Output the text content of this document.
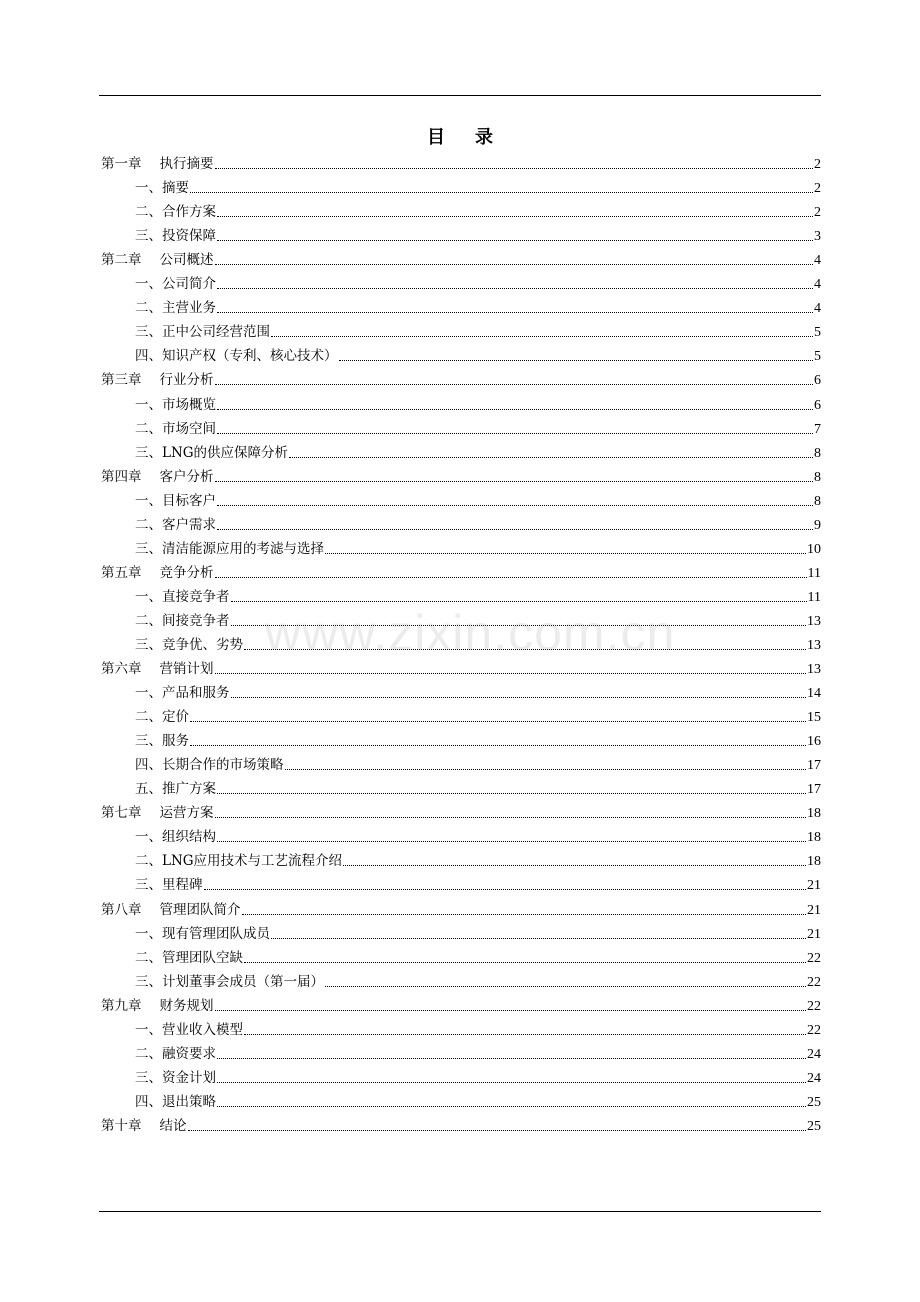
目 录
第一章 执行摘要	2
一、 摘要	2
二、 合作方案	2
三、 投资保障	3
第二章 公司概述	4
一、 公司简介	4
二、 主营业务	4
三、 正中公司经营范围	5
四、 知识产权（专利、核心技术）	5
第三章 行业分析	6
一、 市场概览	6
二、 市场空间	7
三、 LNG的供应保障分析	8
第四章 客户分析	8
一、 目标客户	8
二、 客户需求	9
三、 清洁能源应用的考滤与选择	10
第五章 竞争分析	11
一、 直接竞争者	11
二、 间接竞争者	13
三、 竞争优、劣势	13
第六章 营销计划	13
一、 产品和服务	14
二、 定价	15
三、 服务	16
四、 长期合作的市场策略	17
五、 推广方案	17
第七章 运营方案	18
一、 组织结构	18
二、 LNG应用技术与工艺流程介绍	18
三、 里程碑	21
第八章 管理团队简介	21
一、 现有管理团队成员	21
二、 管理团队空缺	22
三、 计划董事会成员（第一届）	22
第九章 财务规划	22
一、 营业收入模型	22
二、 融资要求	24
三、 资金计划	24
四、 退出策略	25
第十章 结论	25
www.zixin.com.cn
